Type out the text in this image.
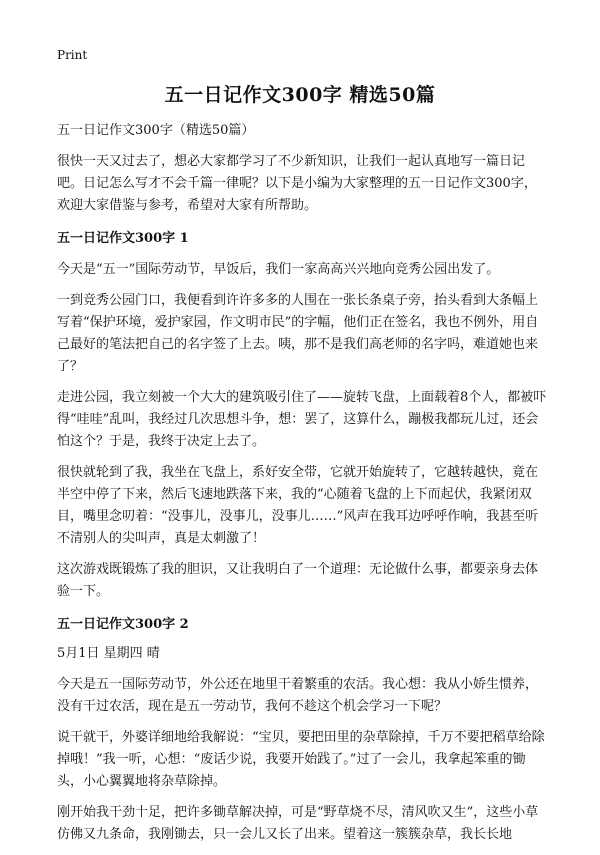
Print
五一日记作文300字 精选50篇
五一日记作文300字（精选50篇）

很快一天又过去了，想必大家都学习了不少新知识，让我们一起认真地写一篇日记吧。日记怎么写才不会千篇一律呢？以下是小编为大家整理的五一日记作文300字，欢迎大家借鉴与参考，希望对大家有所帮助。

五一日记作文300字 1

今天是“五一”国际劳动节，早饭后，我们一家高高兴兴地向竞秀公园出发了。

一到竞秀公园门口，我便看到许许多多的人围在一张长条桌子旁，抬头看到大条幅上写着“保护环境，爱护家园，作文明市民”的字幅，他们正在签名，我也不例外，用自己最好的笔法把自己的名字签了上去。咦，那不是我们高老师的名字吗，难道她也来了？

走进公园，我立刻被一个大大的建筑吸引住了——旋转飞盘，上面载着8个人，都被吓得“哇哇”乱叫，我经过几次思想斗争，想：罢了，这算什么，蹦极我都玩儿过，还会怕这个？于是，我终于决定上去了。

很快就轮到了我，我坐在飞盘上，系好安全带，它就开始旋转了，它越转越快，竟在半空中停了下来，然后飞速地跌落下来，我的“心随着飞盘的上下而起伏，我紧闭双目，嘴里念叨着：“没事儿，没事儿，没事儿……”风声在我耳边呼呼作响，我甚至听不清别人的尖叫声，真是太刺激了！

这次游戏既锻炼了我的胆识，又让我明白了一个道理：无论做什么事，都要亲身去体验一下。

五一日记作文300字 2
5月1日 星期四 晴

今天是五一国际劳动节，外公还在地里干着繁重的农活。我心想：我从小娇生惯养，没有干过农活，现在是五一劳动节，我何不趁这个机会学习一下呢？

说干就干，外婆详细地给我解说：“宝贝，要把田里的杂草除掉，千万不要把稻草给除掉哦！”我一听，心想：“废话少说，我要开始践了。”过了一会儿，我拿起笨重的锄头，小心翼翼地将杂草除掉。

刚开始我干劲十足，把许多锄草解决掉，可是“野草烧不尽，清风吹又生”，这些小草仿佛又九条命，我刚锄去，只一会儿又长了出来。望着这一簇簇杂草，我长长地
